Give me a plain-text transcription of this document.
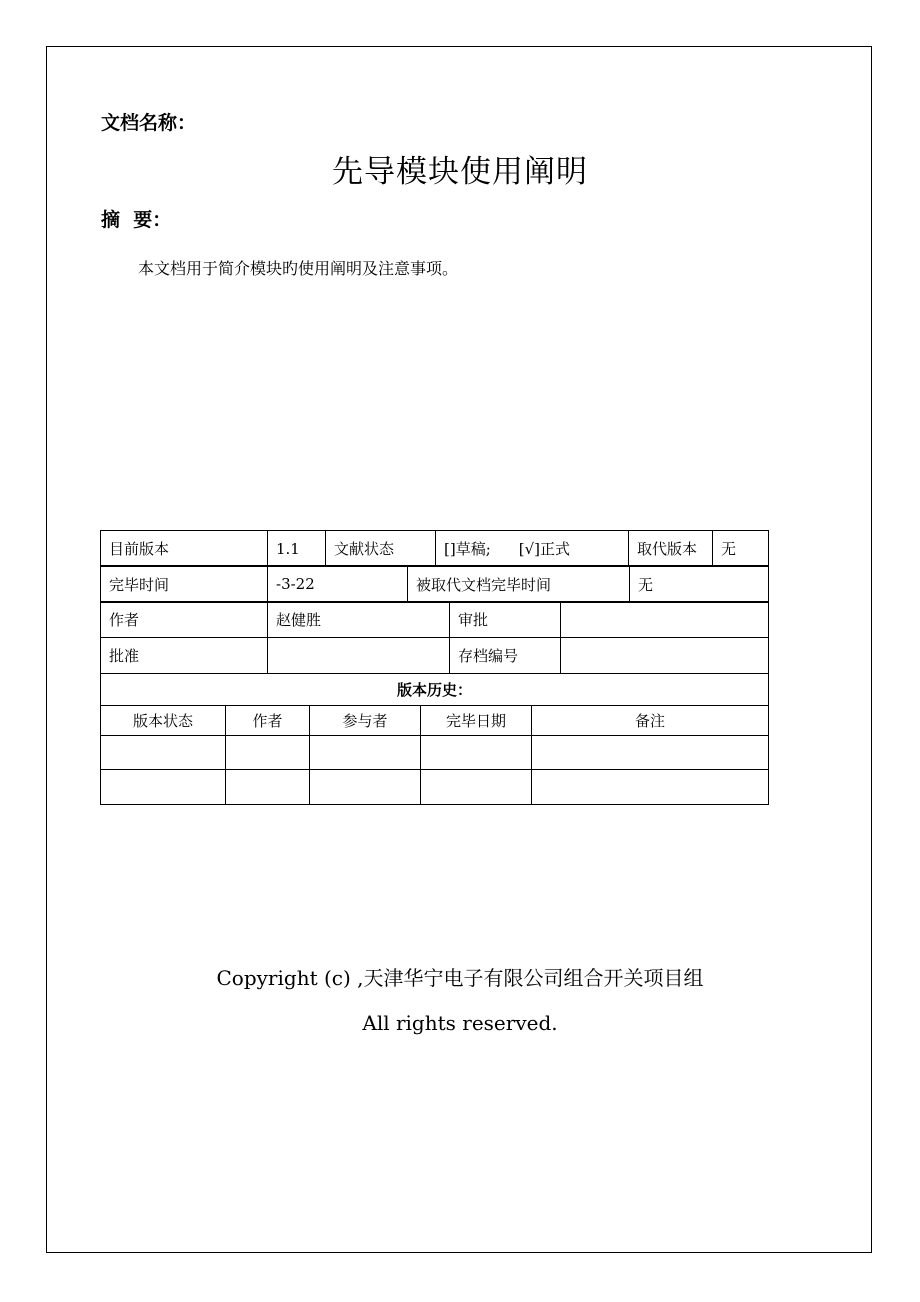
文档名称：
先导模块使用阐明
摘  要：
本文档用于简介模块旳使用阐明及注意事项。
目前版本	1.1	文献状态	[]草稿; [√]正式	取代版本	无
完毕时间	-3-22	被取代文档完毕时间	无
作者	赵健胜	审批	
批准		存档编号	
版本历史：				
版本状态	作者	参与者	完毕日期	备注

Copyright (c) ,天津华宁电子有限公司组合开关项目组
All rights reserved.
